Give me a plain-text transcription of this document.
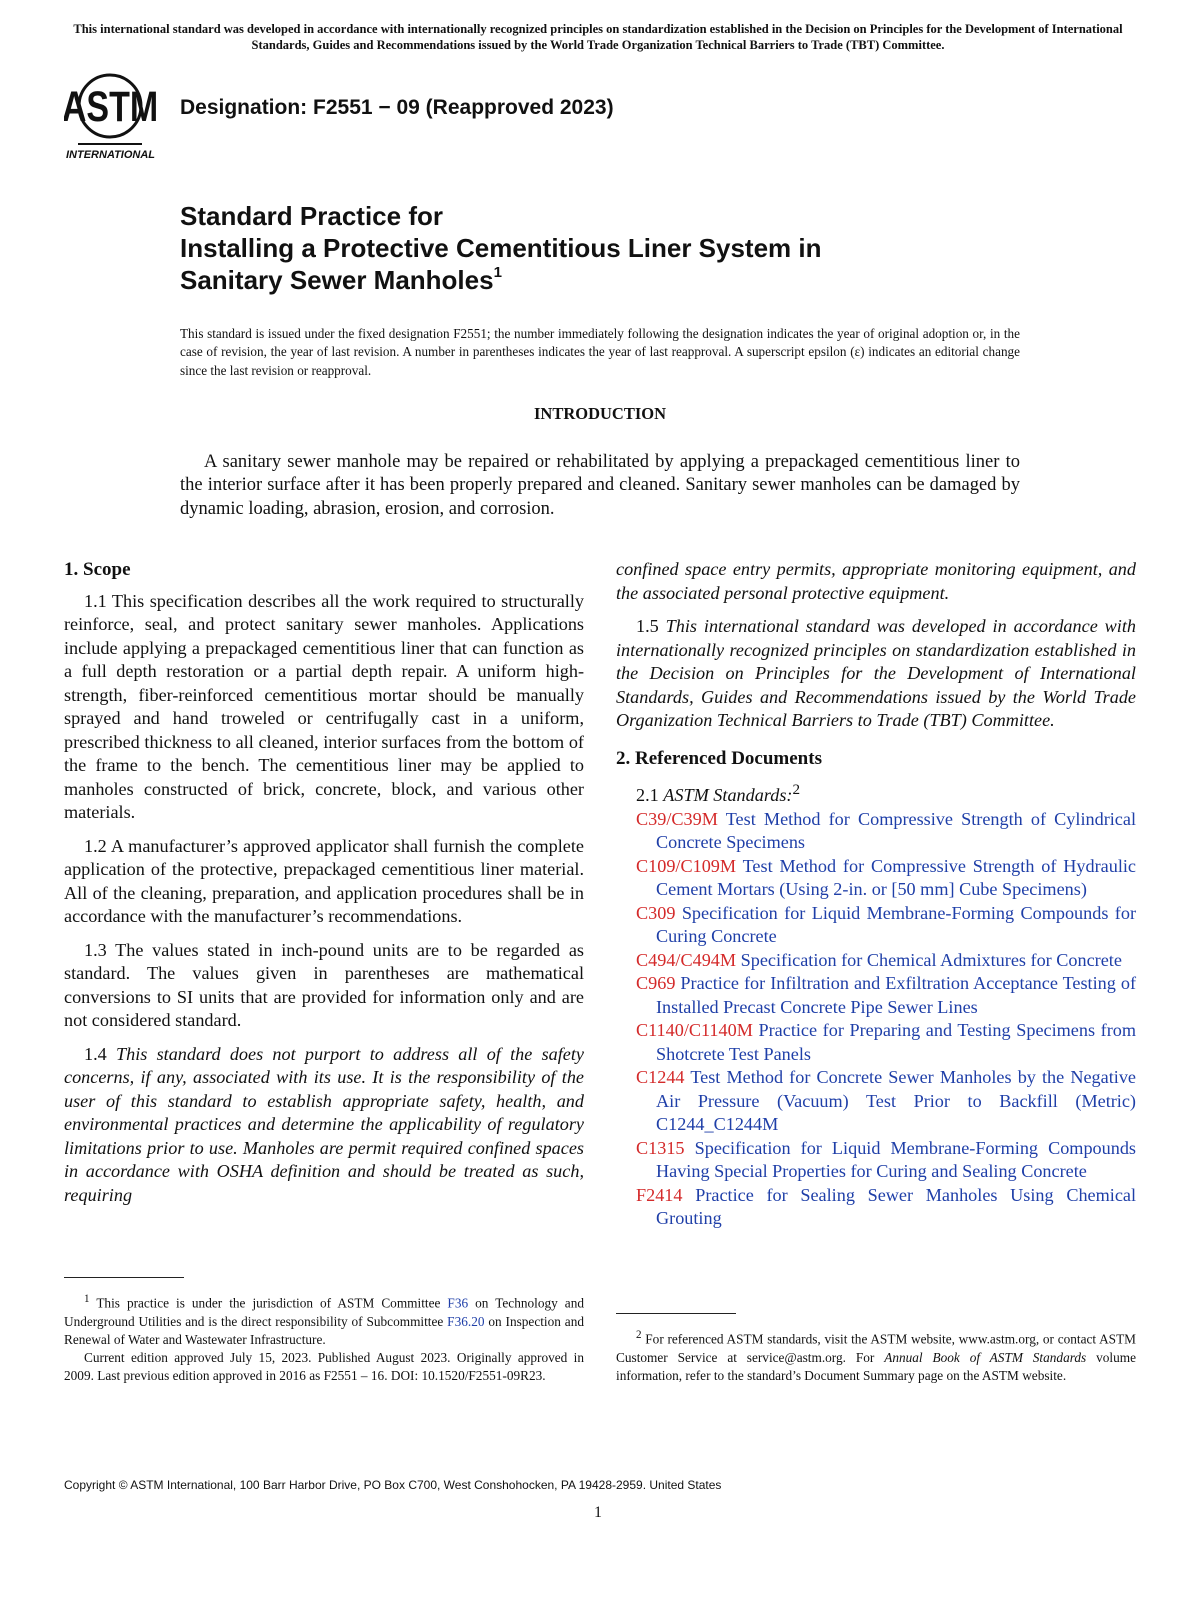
This international standard was developed in accordance with internationally recognized principles on standardization established in the Decision on Principles for the Development of International Standards, Guides and Recommendations issued by the World Trade Organization Technical Barriers to Trade (TBT) Committee.
ASTM
INTERNATIONAL
Designation: F2551 − 09 (Reapproved 2023)
Standard Practice for
Installing a Protective Cementitious Liner System in
Sanitary Sewer Manholes$^1$
This standard is issued under the fixed designation F2551; the number immediately following the designation indicates the year of original adoption or, in the case of revision, the year of last revision. A number in parentheses indicates the year of last reapproval. A superscript epsilon (ε) indicates an editorial change since the last revision or reapproval.
INTRODUCTION
A sanitary sewer manhole may be repaired or rehabilitated by applying a prepackaged cementitious liner to the interior surface after it has been properly prepared and cleaned. Sanitary sewer manholes can be damaged by dynamic loading, abrasion, erosion, and corrosion.
1. Scope

1.1 This specification describes all the work required to structurally reinforce, seal, and protect sanitary sewer manholes. Applications include applying a prepackaged cementitious liner that can function as a full depth restoration or a partial depth repair. A uniform high-strength, fiber-reinforced cementitious mortar should be manually sprayed and hand troweled or centrifugally cast in a uniform, prescribed thickness to all cleaned, interior surfaces from the bottom of the frame to the bench. The cementitious liner may be applied to manholes constructed of brick, concrete, block, and various other materials.

1.2 A manufacturer’s approved applicator shall furnish the complete application of the protective, prepackaged cementitious liner material. All of the cleaning, preparation, and application procedures shall be in accordance with the manufacturer’s recommendations.

1.3 The values stated in inch-pound units are to be regarded as standard. The values given in parentheses are mathematical conversions to SI units that are provided for information only and are not considered standard.

1.4 This standard does not purport to address all of the safety concerns, if any, associated with its use. It is the responsibility of the user of this standard to establish appropriate safety, health, and environmental practices and determine the applicability of regulatory limitations prior to use. Manholes are permit required confined spaces in accordance with OSHA definition and should be treated as such, requiring

$^1$ This practice is under the jurisdiction of ASTM Committee F36 on Technology and Underground Utilities and is the direct responsibility of Subcommittee F36.20 on Inspection and Renewal of Water and Wastewater Infrastructure.

Current edition approved July 15, 2023. Published August 2023. Originally approved in 2009. Last previous edition approved in 2016 as F2551 – 16. DOI: 10.1520/F2551-09R23.

confined space entry permits, appropriate monitoring equipment, and the associated personal protective equipment.

1.5 This international standard was developed in accordance with internationally recognized principles on standardization established in the Decision on Principles for the Development of International Standards, Guides and Recommendations issued by the World Trade Organization Technical Barriers to Trade (TBT) Committee.

2. Referenced Documents
2.1 ASTM Standards:$^2$

C39/C39M Test Method for Compressive Strength of Cylindrical Concrete Specimens

C109/C109M Test Method for Compressive Strength of Hydraulic Cement Mortars (Using 2-in. or [50 mm] Cube Specimens)

C309 Specification for Liquid Membrane-Forming Compounds for Curing Concrete

C494/C494M Specification for Chemical Admixtures for Concrete

C969 Practice for Infiltration and Exfiltration Acceptance Testing of Installed Precast Concrete Pipe Sewer Lines

C1140/C1140M Practice for Preparing and Testing Specimens from Shotcrete Test Panels

C1244 Test Method for Concrete Sewer Manholes by the Negative Air Pressure (Vacuum) Test Prior to Backfill (Metric) C1244_C1244M

C1315 Specification for Liquid Membrane-Forming Compounds Having Special Properties for Curing and Sealing Concrete

F2414 Practice for Sealing Sewer Manholes Using Chemical Grouting

$^2$ For referenced ASTM standards, visit the ASTM website, www.astm.org, or contact ASTM Customer Service at service@astm.org. For Annual Book of ASTM Standards volume information, refer to the standard’s Document Summary page on the ASTM website.

Copyright © ASTM International, 100 Barr Harbor Drive, PO Box C700, West Conshohocken, PA 19428-2959. United States
1
